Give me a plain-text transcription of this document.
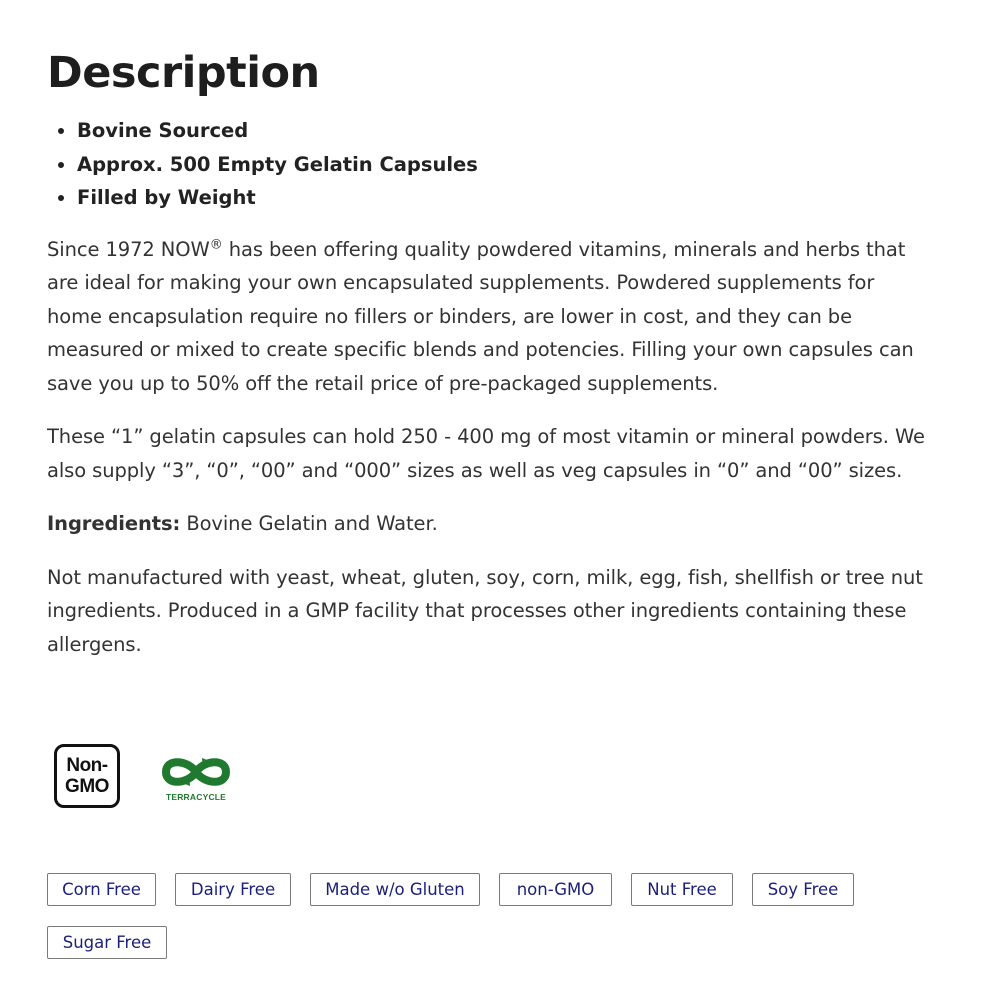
Description
• Bovine Sourced
• Approx. 500 Empty Gelatin Capsules
• Filled by Weight

Since 1972 NOW® has been offering quality powdered vitamins, minerals and herbs that are ideal for making your own encapsulated supplements. Powdered supplements for home encapsulation require no fillers or binders, are lower in cost, and they can be measured or mixed to create specific blends and potencies. Filling your own capsules can save you up to 50% off the retail price of pre-packaged supplements.

These “1” gelatin capsules can hold 250 - 400 mg of most vitamin or mineral powders. We also supply “3”, “0”, “00” and “000” sizes as well as veg capsules in “0” and “00” sizes.

Ingredients: Bovine Gelatin and Water.

Not manufactured with yeast, wheat, gluten, soy, corn, milk, egg, fish, shellfish or tree nut ingredients. Produced in a GMP facility that processes other ingredients containing these allergens.

Non-
GMO	TERRACYCLE
Corn Free	Dairy Free	Made w/o Gluten	non-GMO	Nut Free	Soy Free
Sugar Free
